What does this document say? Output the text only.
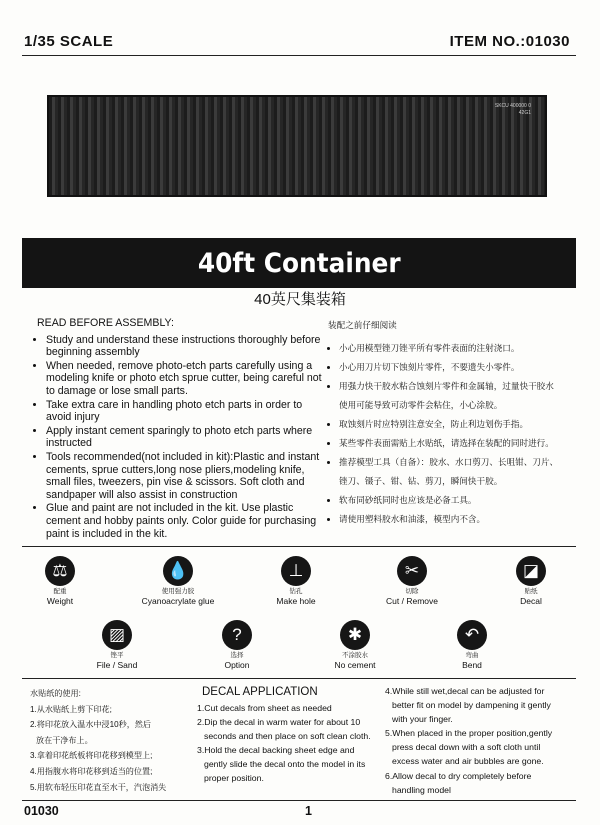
1/35 SCALE	ITEM NO.:01030
SKCU 400000 0
42G1
40ft Container
40英尺集装箱
READ BEFORE ASSEMBLY:
• Study and understand these instructions thoroughly before beginning assembly
• When needed, remove photo-etch parts carefully using a modeling knife or photo etch sprue cutter, being careful not to damage or lose small parts.
• Take extra care in handling photo etch parts in order to avoid injury
• Apply instant cement sparingly to photo etch parts where instructed
• Tools recommended(not included in kit):Plastic and instant cements, sprue cutters,long nose pliers,modeling knife, small files, tweezers, pin vise & scissors. Soft cloth and sandpaper will also assist in construction
• Glue and paint are not included in the kit. Use plastic cement and hobby paints only. Color guide for purchasing paint is included in the kit.
装配之前仔细阅读
• 小心用模型锉刀锉平所有零件表面的注射浇口。
• 小心用刀片切下蚀刻片零件，不要遗失小零件。
• 用强力快干胶水粘合蚀刻片零件和金属轴，过量快干胶水
使用可能导致可动零件会粘住，小心涂胶。
• 取蚀刻片时应特别注意安全，防止利边划伤手指。
• 某些零件表面需贴上水贴纸，请选择在装配的同时进行。
• 推荐模型工具（自备）：胶水、水口剪刀、长咀钳、刀片、
锉刀、镊子、钳、钻、剪刀，瞬间快干胶。
• 软布同砂纸同时也应该是必备工具。
• 请使用塑料胶水和油漆，模型内不含。
⚖
配重
Weight
💧
使用强力胶
Cyanoacrylate glue
⊥
钻孔
Make hole
✂
切除
Cut / Remove
◪
贴纸
Decal
▨
锉平
File / Sand
?
选择
Option
✱
不涂胶水
No cement
↶
弯曲
Bend
水贴纸的使用:
1.从水贴纸上剪下印花;
2.将印花放入温水中浸10秒，然后
放在干净布上。
3.拿着印花纸板将印花移到模型上;
4.用指腹水将印花移到适当的位置;
5.用软布轻压印花直至水干，汽泡消失
DECAL APPLICATION
1.Cut decals from sheet as needed
2.Dip the decal in warm water for about 10
seconds and then place on soft clean cloth.
3.Hold the decal backing sheet edge and
gently slide the decal onto the model in its
proper position.
4.While still wet,decal can be adjusted for
better fit on model by dampening it gently
with your finger.
5.When placed in the proper position,gently
press decal down with a soft cloth until
excess water and air bubbles are gone.
6.Allow decal to dry completely before
handling model
01030	1
